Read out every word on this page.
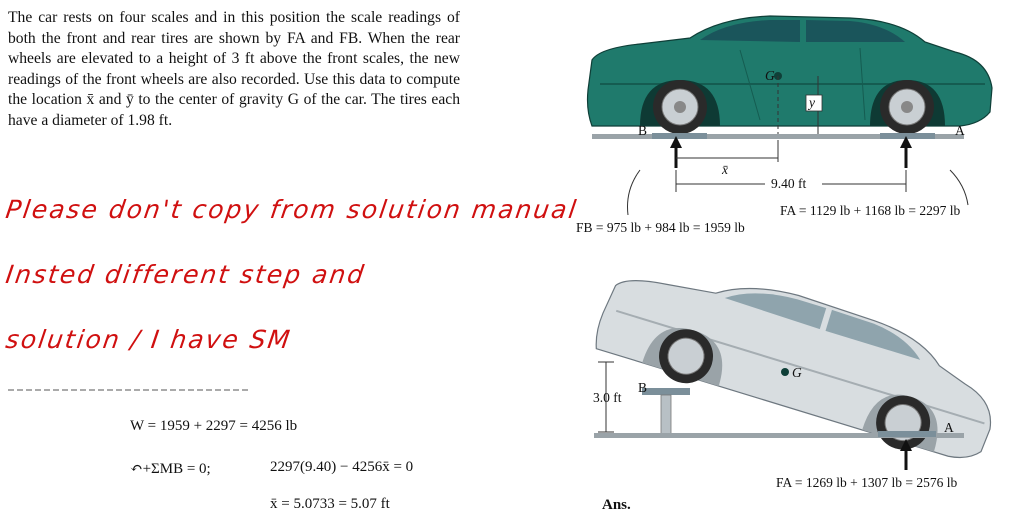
The car rests on four scales and in this position the scale readings of both the front and rear tires are shown by FA and FB. When the rear wheels are elevated to a height of 3 ft above the front scales, the new readings of the front wheels are also recorded. Use this data to compute the location x̄ and ȳ to the center of gravity G of the car. The tires each have a diameter of 1.98 ft.
Please don't copy from solution manual
Insted different step and
solution / I have SM
W = 1959 + 2297 = 4256 lb
↶+ΣMB = 0;	2297(9.40) − 4256x̄ = 0
x̄ = 5.0733 = 5.07 ft	Ans.
B	A
G
y
x̄
9.40 ft
FA = 1129 lb + 1168 lb = 2297 lb
FB = 975 lb + 984 lb = 1959 lb
3.0 ft
B
G
A
FA = 1269 lb + 1307 lb = 2576 lb
